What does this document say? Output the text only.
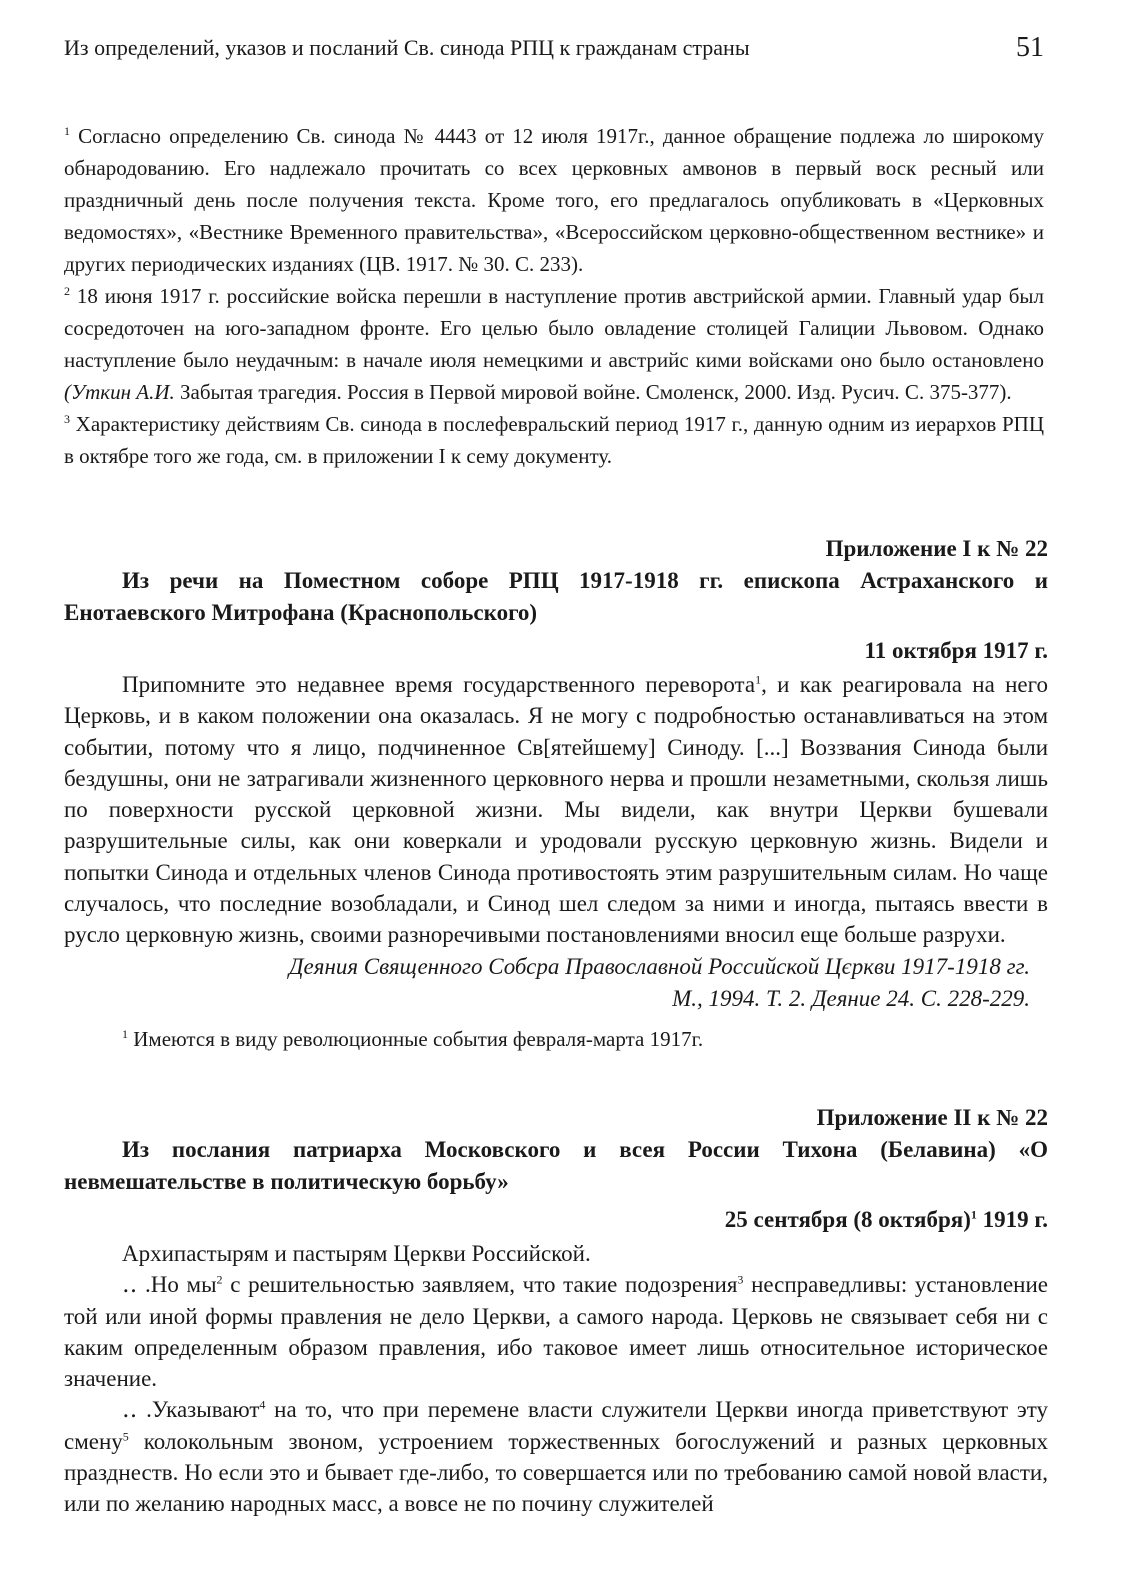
Из определений, указов и посланий Св. синода РПЦ к гражданам страны	51

$^1$ Согласно определению Св. синода № 4443 от 12 июля 1917г., данное обращение подлежа ло широкому обнародованию. Его надлежало прочитать со всех церковных амвонов в первый воск ресный или праздничный день после получения текста. Кроме того, его предлагалось опубликовать в «Церковных ведомостях», «Вестнике Временного правительства», «Всероссийском церковно-общественном вестнике» и других периодических изданиях (ЦВ. 1917. № 30. С. 233).

$^2$ 18 июня 1917 г. российские войска перешли в наступление против австрийской армии. Главный удар был сосредоточен на юго-западном фронте. Его целью было овладение столицей Галиции Львовом. Однако наступление было неудачным: в начале июля немецкими и австрийс кими войсками оно было остановлено (Уткин А.И. Забытая трагедия. Россия в Первой мировой войне. Смоленск, 2000. Изд. Русич. С. 375-377).

$^3$ Характеристику действиям Св. синода в послефевральский период 1917 г., данную одним из иерархов РПЦ в октябре того же года, см. в приложении I к сему документу.

Приложение I к № 22
Из речи на Поместном соборе РПЦ 1917-1918 гг. епископа Астраханского и Енотаевского Митрофана (Краснопольского)
11 октября 1917 г.

Припомните это недавнее время государственного переворота$^1$, и как реагировала на него Церковь, и в каком положении она оказалась. Я не могу с подробностью останавливаться на этом событии, потому что я лицо, подчиненное Св[ятейшему] Синоду. [...] Воззвания Синода были бездушны, они не затрагивали жизненного церковного нерва и прошли незаметными, скользя лишь по поверхности русской церковной жизни. Мы видели, как внутри Церкви бушевали разрушительные силы, как они коверкали и уродовали русскую церковную жизнь. Видели и попытки Синода и отдельных членов Синода противостоять этим разрушительным силам. Но чаще случалось, что последние возобладали, и Синод шел следом за ними и иногда, пытаясь ввести в русло церковную жизнь, своими разноречивыми постановлениями вносил еще больше разрухи.

Деяния Священного Собсра Православной Российской Цєркви 1917-1918 гг.
М., 1994. Т. 2. Деяние 24. С. 228-229.

$^1$ Имеются в виду революционные события февраля-марта 1917г.

Приложение II к № 22
Из послания патриарха Московского и всея России Тихона (Белавина) «О невмешательстве в политическую борьбу»
25 сентября (8 октября)$^1$ 1919 г.

Архипастырям и пастырям Церкви Российской.

‥ .Но $мы^2$ с решительностью заявляем, что такие подозрения$^3$ несправедливы: установление той или иной формы правления не дело Церкви, а самого народа. Церковь не связывает себя ни с каким определенным образом правления, ибо таковое имеет лишь относительное историческое значение.

‥ .Указывают$^4$ на то, что при перемене власти служители Церкви иногда приветствуют эту смену$^5$ колокольным звоном, устроением торжественных богослужений и разных церковных празднеств. Но если это и бывает где-либо, то совершается или по требованию самой новой власти, или по желанию народных масс, а вовсе не по почину служителей
